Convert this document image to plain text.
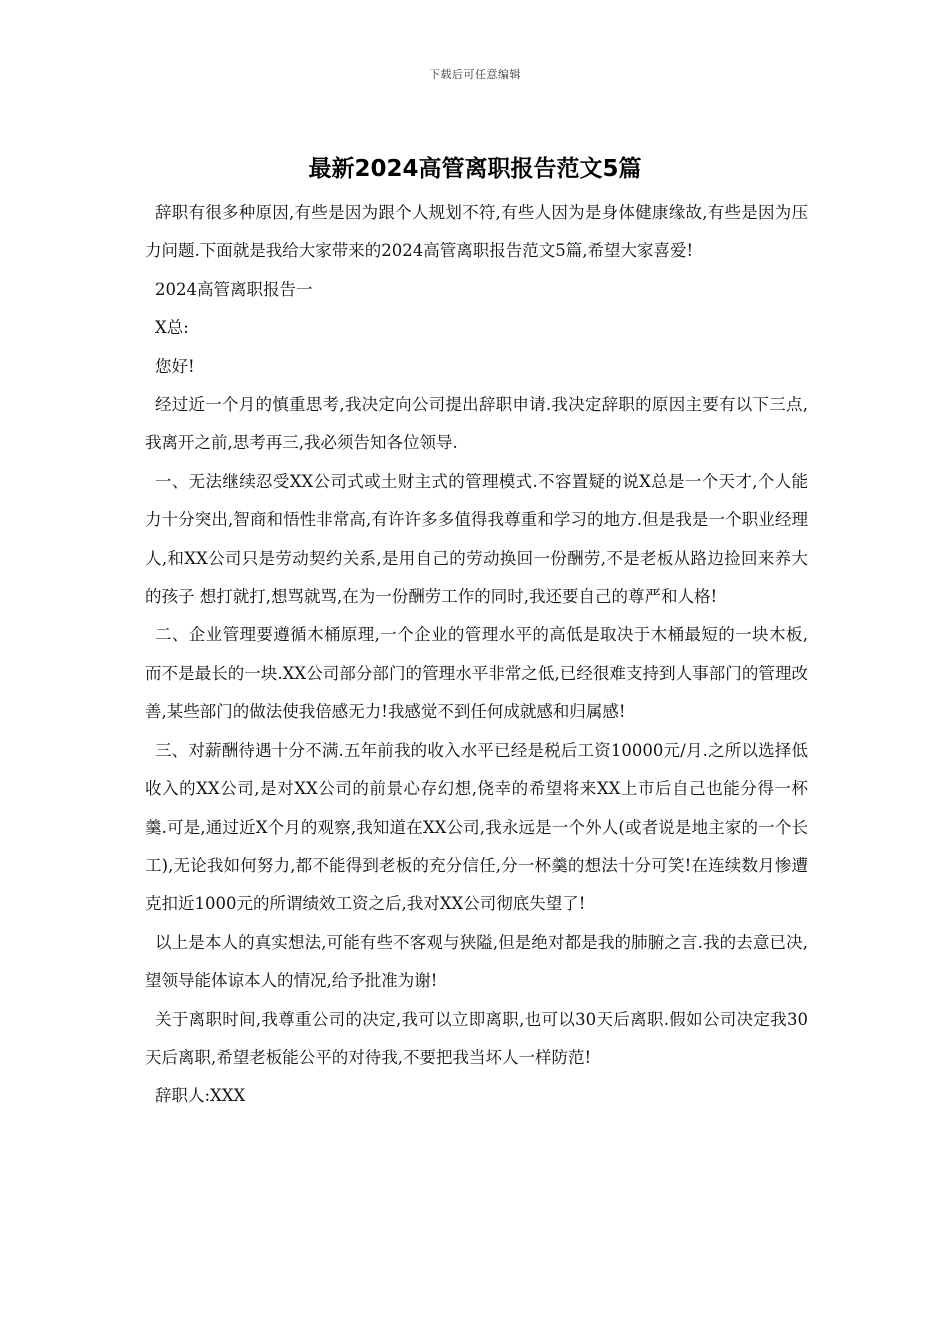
下载后可任意编辑
最新2024高管离职报告范文5篇

辞职有很多种原因,有些是因为跟个人规划不符,有些人因为是身体健康缘故,有些是因为压力问题.下面就是我给大家带来的2024高管离职报告范文5篇,希望大家喜爱!

2024高管离职报告一

X总:

您好!

经过近一个月的慎重思考,我决定向公司提出辞职申请.我决定辞职的原因主要有以下三点,我离开之前,思考再三,我必须告知各位领导.

一、无法继续忍受XX公司式或土财主式的管理模式.不容置疑的说X总是一个天才,个人能力十分突出,智商和悟性非常高,有许许多多值得我尊重和学习的地方.但是我是一个职业经理人,和XX公司只是劳动契约关系,是用自己的劳动换回一份酬劳,不是老板从路边捡回来养大的孩子 想打就打,想骂就骂,在为一份酬劳工作的同时,我还要自己的尊严和人格!

二、企业管理要遵循木桶原理,一个企业的管理水平的高低是取决于木桶最短的一块木板,而不是最长的一块.XX公司部分部门的管理水平非常之低,已经很难支持到人事部门的管理改善,某些部门的做法使我倍感无力!我感觉不到任何成就感和归属感!

三、对薪酬待遇十分不满.五年前我的收入水平已经是税后工资10000元/月.之所以选择低收入的XX公司,是对XX公司的前景心存幻想,侥幸的希望将来XX上市后自己也能分得一杯羹.可是,通过近X个月的观察,我知道在XX公司,我永远是一个外人(或者说是地主家的一个长工),无论我如何努力,都不能得到老板的充分信任,分一杯羹的想法十分可笑!在连续数月惨遭克扣近1000元的所谓绩效工资之后,我对XX公司彻底失望了!

以上是本人的真实想法,可能有些不客观与狭隘,但是绝对都是我的肺腑之言.我的去意已决,望领导能体谅本人的情况,给予批准为谢!

关于离职时间,我尊重公司的决定,我可以立即离职,也可以30天后离职.假如公司决定我30天后离职,希望老板能公平的对待我,不要把我当坏人一样防范!

辞职人:XXX
